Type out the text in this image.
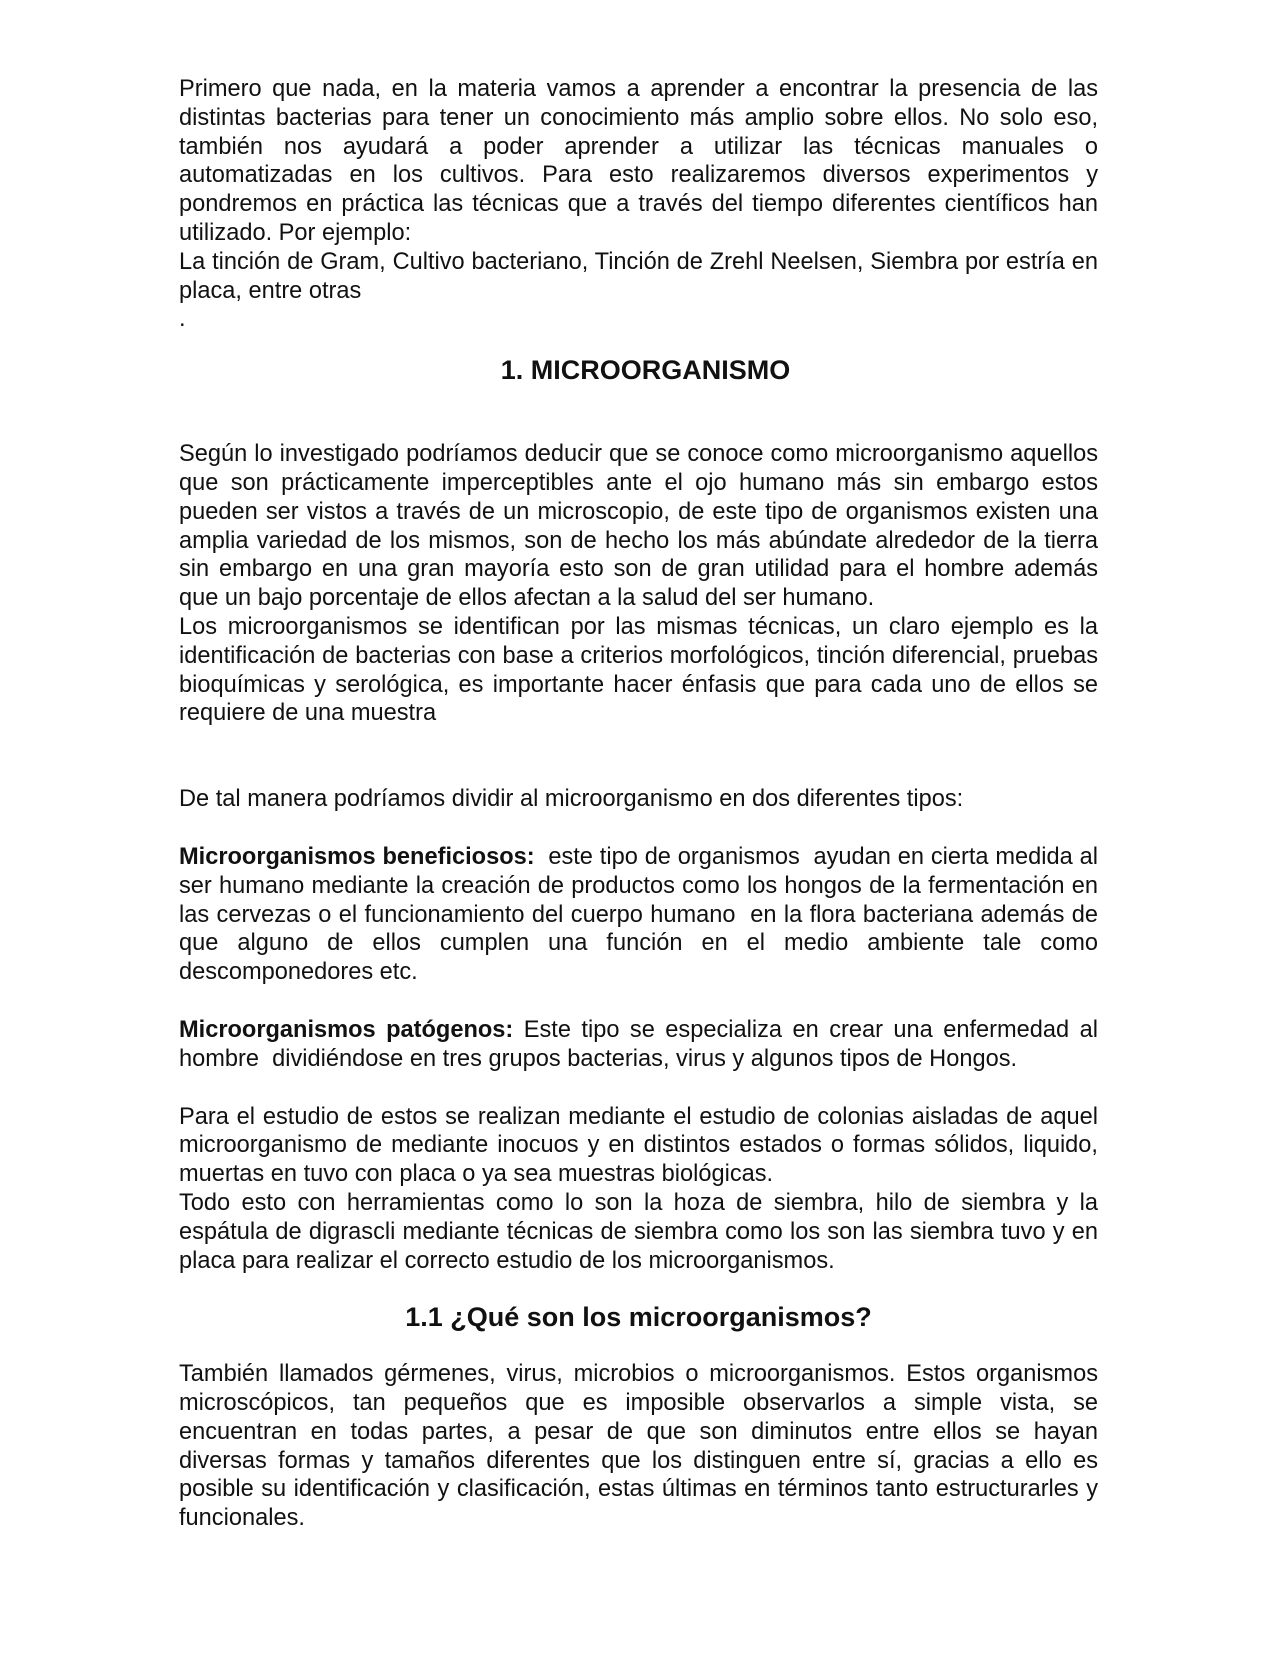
Primero que nada, en la materia vamos a aprender a encontrar la presencia de las distintas bacterias para tener un conocimiento más amplio sobre ellos. No solo eso, también nos ayudará a poder aprender a utilizar las técnicas manuales o automatizadas en los cultivos. Para esto realizaremos diversos experimentos y pondremos en práctica las técnicas que a través del tiempo diferentes científicos han utilizado. Por ejemplo:

La tinción de Gram, Cultivo bacteriano, Tinción de Zrehl Neelsen, Siembra por estría en placa, entre otras

.

1. MICROORGANISMO

Según lo investigado podríamos deducir que se conoce como microorganismo aquellos que son prácticamente imperceptibles ante el ojo humano más sin embargo estos pueden ser vistos a través de un microscopio, de este tipo de organismos existen una amplia variedad de los mismos, son de hecho los más abúndate alrededor de la tierra sin embargo en una gran mayoría esto son de gran utilidad para el hombre además que un bajo porcentaje de ellos afectan a la salud del ser humano.

Los microorganismos se identifican por las mismas técnicas, un claro ejemplo es la identificación de bacterias con base a criterios morfológicos, tinción diferencial, pruebas bioquímicas y serológica, es importante hacer énfasis que para cada uno de ellos se requiere de una muestra

De tal manera podríamos dividir al microorganismo en dos diferentes tipos:

Microorganismos beneficiosos:  este tipo de organismos  ayudan en cierta medida al ser humano mediante la creación de productos como los hongos de la fermentación en las cervezas o el funcionamiento del cuerpo humano  en la flora bacteriana además de que alguno de ellos cumplen una función en el medio ambiente tale como descomponedores etc.

Microorganismos patógenos: Este tipo se especializa en crear una enfermedad al hombre  dividiéndose en tres grupos bacterias, virus y algunos tipos de Hongos.

Para el estudio de estos se realizan mediante el estudio de colonias aisladas de aquel microorganismo de mediante inocuos y en distintos estados o formas sólidos, liquido, muertas en tuvo con placa o ya sea muestras biológicas.

Todo esto con herramientas como lo son la hoza de siembra, hilo de siembra y la espátula de digrascli mediante técnicas de siembra como los son las siembra tuvo y en placa para realizar el correcto estudio de los microorganismos.

1.1 ¿Qué son los microorganismos?

También llamados gérmenes, virus, microbios o microorganismos. Estos organismos microscópicos, tan pequeños que es imposible observarlos a simple vista, se encuentran en todas partes, a pesar de que son diminutos entre ellos se hayan diversas formas y tamaños diferentes que los distinguen entre sí, gracias a ello es posible su identificación y clasificación, estas últimas en términos tanto estructurarles y funcionales.
